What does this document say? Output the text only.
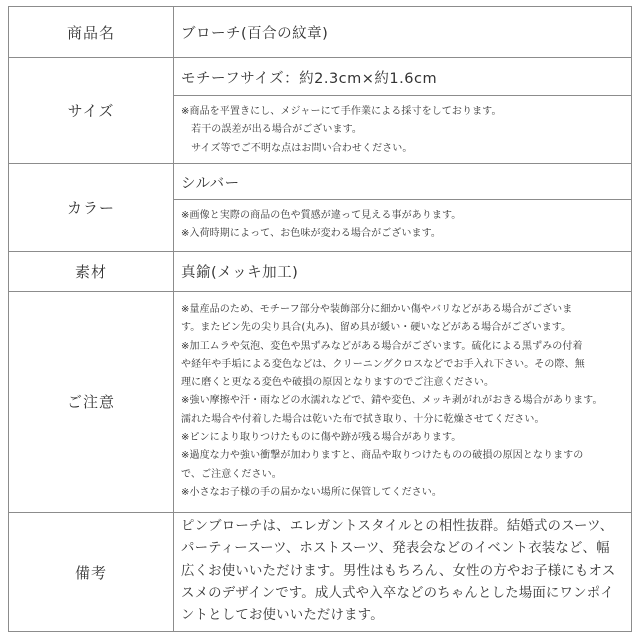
商品名	ブローチ(百合の紋章)
サイズ
モチーフサイズ：約2.3cm×約1.6cm
※商品を平置きにし、メジャーにて手作業による採寸をしております。
　若干の誤差が出る場合がございます。
　サイズ等でご不明な点はお問い合わせください。
カラー
シルバー
※画像と実際の商品の色や質感が違って見える事があります。
※入荷時期によって、お色味が変わる場合がございます。
素材	真鍮(メッキ加工)
ご注意
※量産品のため、モチーフ部分や装飾部分に細かい傷やバリなどがある場合がございま
す。またピン先の尖り具合(丸み)、留め具が緩い・硬いなどがある場合がございます。
※加工ムラや気泡、変色や黒ずみなどがある場合がございます。硫化による黒ずみの付着
や経年や手垢による変色などは、クリーニングクロスなどでお手入れ下さい。その際、無
理に磨くと更なる変色や破損の原因となりますのでご注意ください。
※強い摩擦や汗・雨などの水濡れなどで、錆や変色、メッキ剥がれがおきる場合があります。
濡れた場合や付着した場合は乾いた布で拭き取り、十分に乾燥させてください。
※ピンにより取りつけたものに傷や跡が残る場合があります。
※過度な力や強い衝撃が加わりますと、商品や取りつけたものの破損の原因となりますの
で、ご注意ください。
※小さなお子様の手の届かない場所に保管してください。
備考
ピンブローチは、エレガントスタイルとの相性抜群。結婚式のスーツ、
パーティースーツ、ホストスーツ、発表会などのイベント衣装など、幅
広くお使いいただけます。男性はもちろん、女性の方やお子様にもオス
スメのデザインです。成人式や入卒などのちゃんとした場面にワンポイ
ントとしてお使いいただけます。
